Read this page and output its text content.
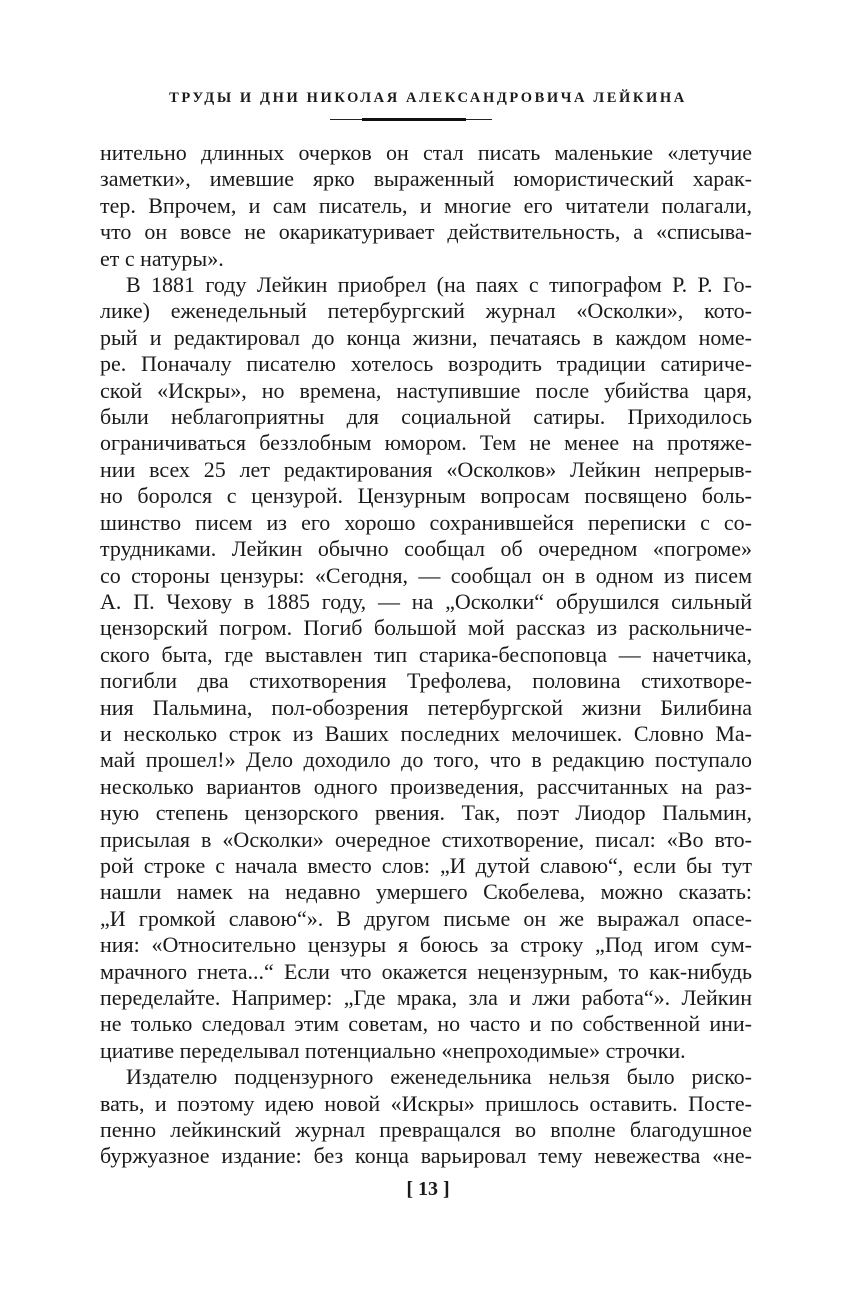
ТРУДЫ И ДНИ НИКОЛАЯ АЛЕКСАНДРОВИЧА ЛЕЙКИНА
нительно длинных очерков он стал писать маленькие «летучие
заметки», имевшие ярко выраженный юмористический харак-
тер. Впрочем, и сам писатель, и многие его читатели полагали,
что он вовсе не окарикатуривает действительность, а «списыва-
ет с натуры».
В 1881 году Лейкин приобрел (на паях с типографом Р. Р. Го-
лике) еженедельный петербургский журнал «Осколки», кото-
рый и редактировал до конца жизни, печатаясь в каждом номе-
ре. Поначалу писателю хотелось возродить традиции сатириче-
ской «Искры», но времена, наступившие после убийства царя,
были неблагоприятны для социальной сатиры. Приходилось
ограничиваться беззлобным юмором. Тем не менее на протяже-
нии всех 25 лет редактирования «Осколков» Лейкин непрерыв-
но боролся с цензурой. Цензурным вопросам посвящено боль-
шинство писем из его хорошо сохранившейся переписки с со-
трудниками. Лейкин обычно сообщал об очередном «погроме»
со стороны цензуры: «Сегодня, — сообщал он в одном из писем
А. П. Чехову в 1885 году, — на „Осколки“ обрушился сильный
цензорский погром. Погиб большой мой рассказ из раскольниче-
ского быта, где выставлен тип старика-беспоповца — начетчика,
погибли два стихотворения Трефолева, половина стихотворе-
ния Пальмина, пол-обозрения петербургской жизни Билибина
и несколько строк из Ваших последних мелочишек. Словно Ма-
май прошел!» Дело доходило до того, что в редакцию поступало
несколько вариантов одного произведения, рассчитанных на раз-
ную степень цензорского рвения. Так, поэт Лиодор Пальмин,
присылая в «Осколки» очередное стихотворение, писал: «Во вто-
рой строке с начала вместо слов: „И дутой славою“, если бы тут
нашли намек на недавно умершего Скобелева, можно сказать:
„И громкой славою“». В другом письме он же выражал опасе-
ния: «Относительно цензуры я боюсь за строку „Под игом сум-
мрачного гнета...“ Если что окажется нецензурным, то как-нибудь
переделайте. Например: „Где мрака, зла и лжи работа“». Лейкин
не только следовал этим советам, но часто и по собственной ини-
циативе переделывал потенциально «непроходимые» строчки.
Издателю подцензурного еженедельника нельзя было риско-
вать, и поэтому идею новой «Искры» пришлось оставить. Посте-
пенно лейкинский журнал превращался во вполне благодушное
буржуазное издание: без конца варьировал тему невежества «не-
[ 13 ]
